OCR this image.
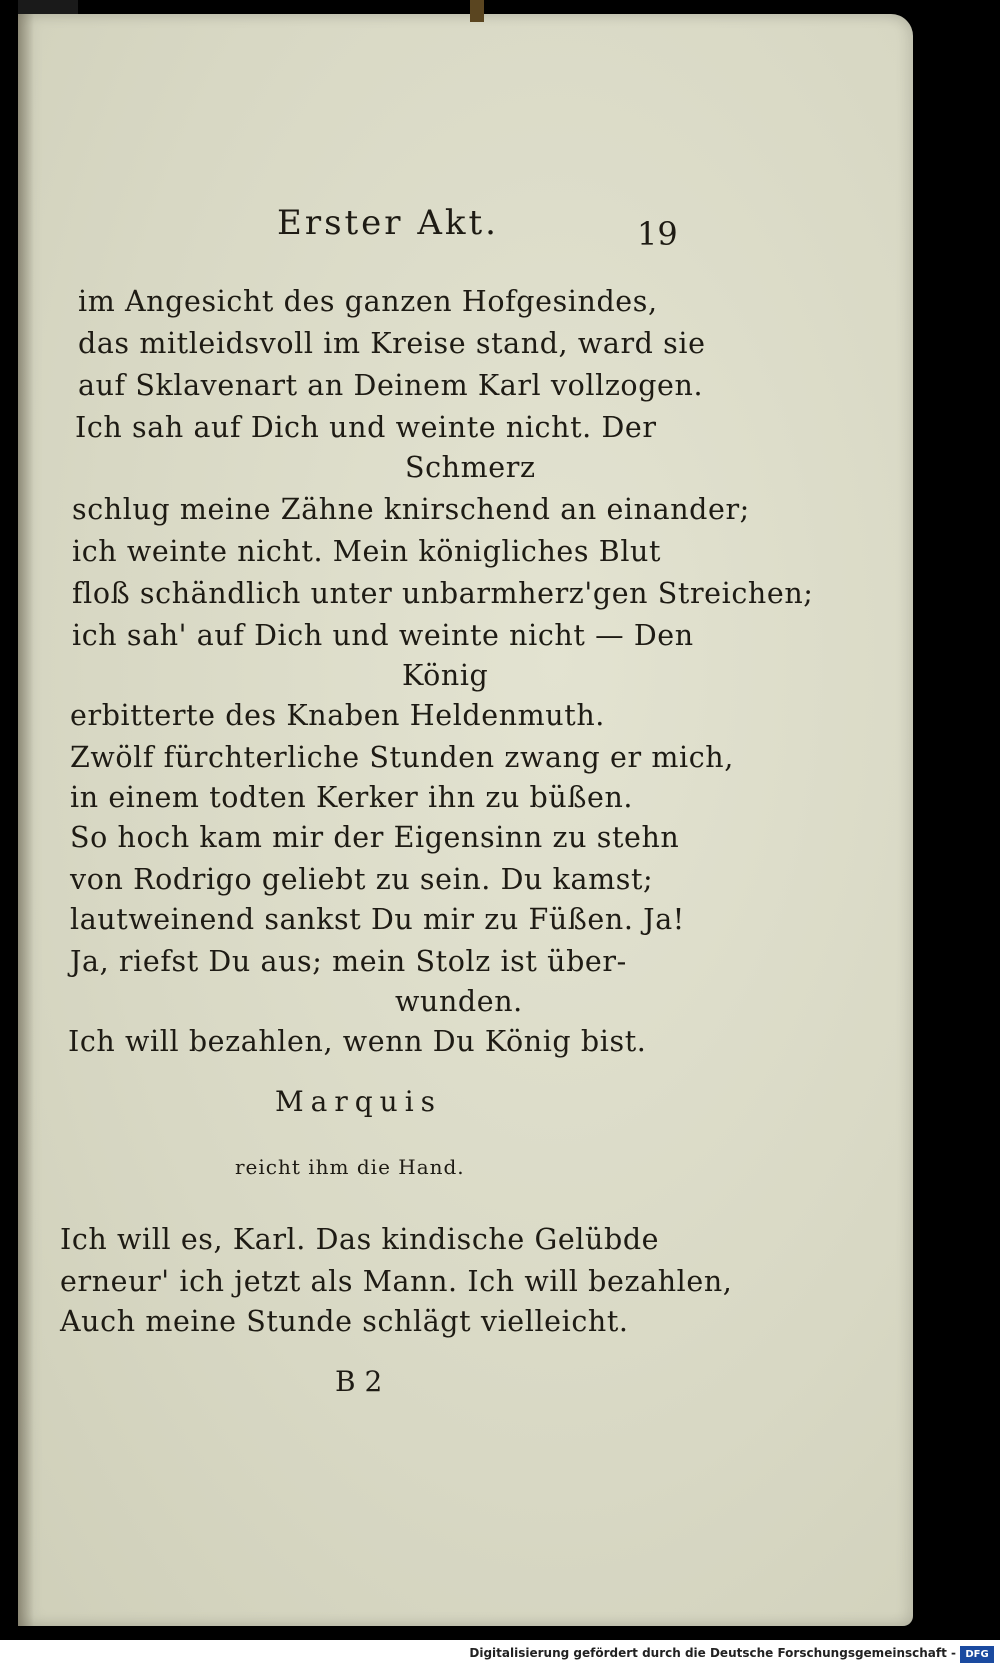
Erster Akt.	19
im Angesicht des ganzen Hofgesindes,
das mitleidsvoll im Kreise stand, ward sie
auf Sklavenart an Deinem Karl vollzogen.
Ich sah auf Dich und weinte nicht. Der
Schmerz
schlug meine Zähne knirschend an einander;
ich weinte nicht. Mein königliches Blut
floß schändlich unter unbarmherz'gen Streichen;
ich sah' auf Dich und weinte nicht — Den
König
erbitterte des Knaben Heldenmuth.
Zwölf fürchterliche Stunden zwang er mich,
in einem todten Kerker ihn zu büßen.
So hoch kam mir der Eigensinn zu stehn
von Rodrigo geliebt zu sein. Du kamst;
lautweinend sankst Du mir zu Füßen. Ja!
Ja, riefst Du aus; mein Stolz ist über-
wunden.
Ich will bezahlen, wenn Du König bist.
Marquis
reicht ihm die Hand.
Ich will es, Karl. Das kindische Gelübde
erneur' ich jetzt als Mann. Ich will bezahlen,
Auch meine Stunde schlägt vielleicht.
B 2
Digitalisierung gefördert durch die Deutsche Forschungsgemeinschaft - DFG
